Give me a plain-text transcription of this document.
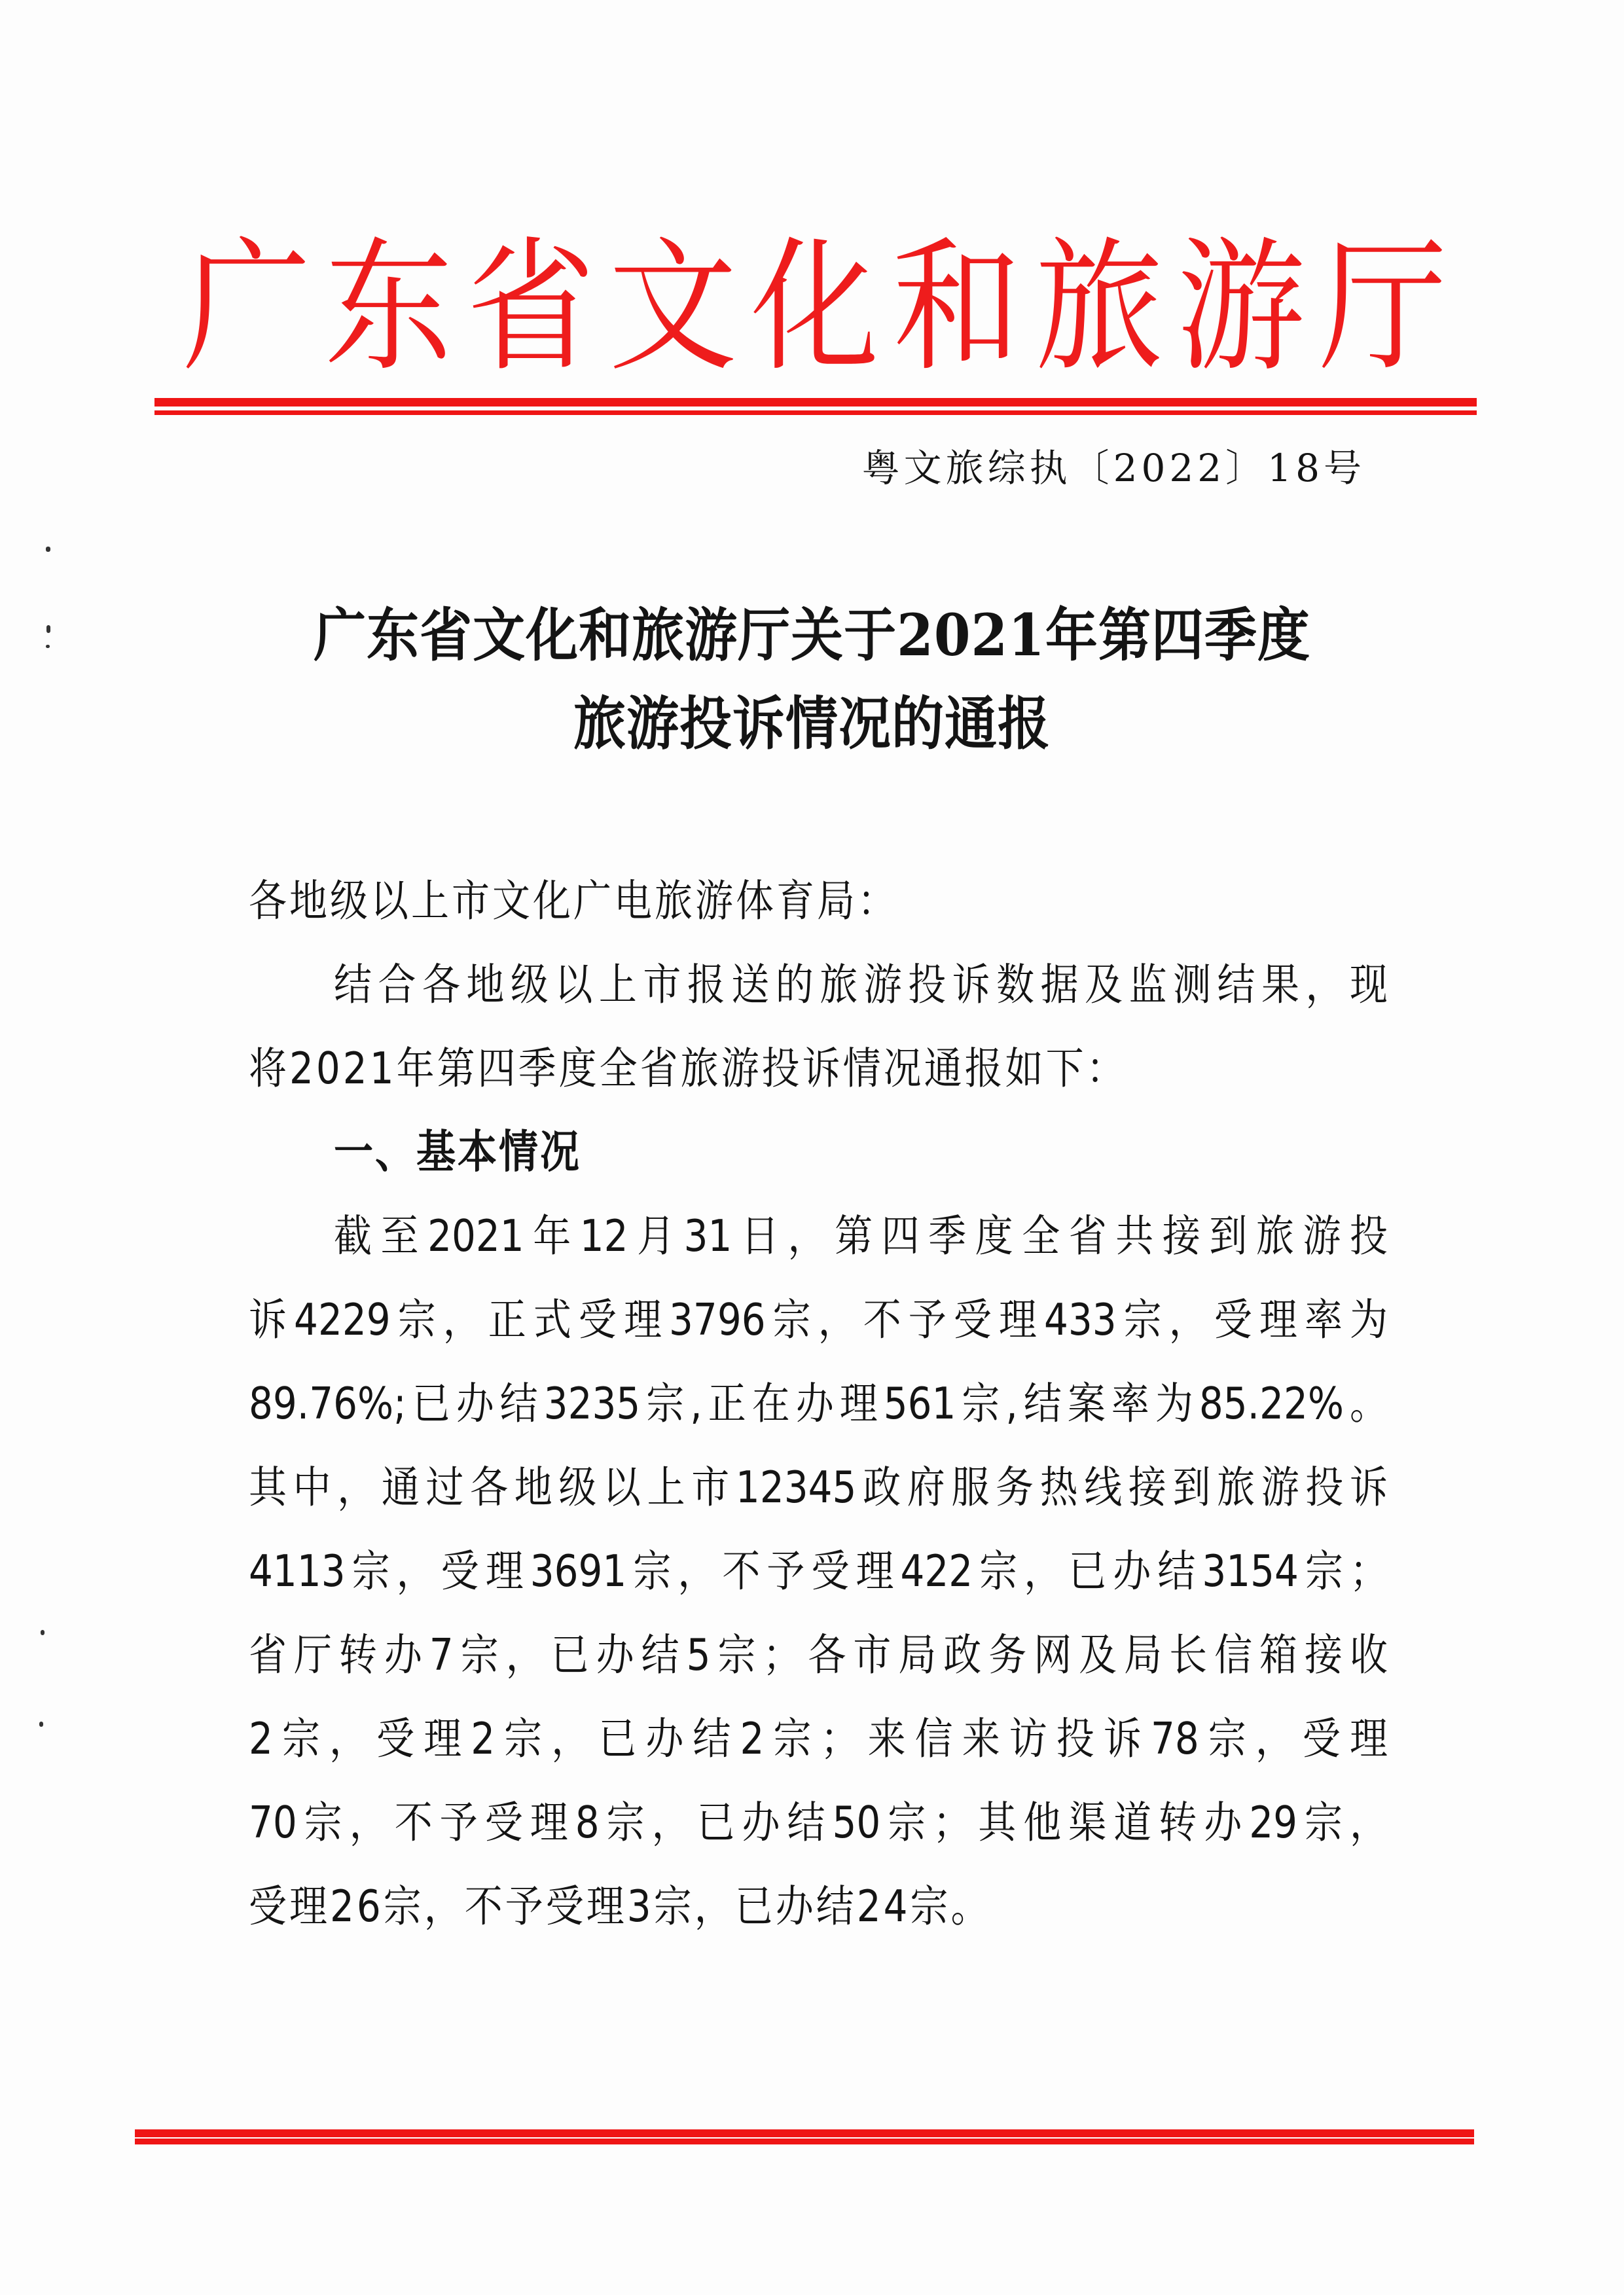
广 东 省 文 化 和 旅 游 厅
粤文旅综执〔2022〕18号
广东省文化和旅游厅关于2021年第四季度
旅游投诉情况的通报
各地级以上市文化广电旅游体育局：
结合各地级以上市报送的旅游投诉数据及监测结果，现
将2021年第四季度全省旅游投诉情况通报如下：
一、基本情况
截至2021年12月31日，第四季度全省共接到旅游投
诉4229宗，正式受理3796宗，不予受理433宗，受理率为
89.76%;已办结3235宗,正在办理561宗,结案率为85.22%。
其中，通过各地级以上市12345政府服务热线接到旅游投诉
4113宗，受理3691宗，不予受理422宗，已办结3154宗；
省厅转办7宗，已办结5宗；各市局政务网及局长信箱接收
2宗，受理2宗，已办结2宗；来信来访投诉78宗，受理
70宗，不予受理8宗，已办结50宗；其他渠道转办29宗，
受理26宗，不予受理3宗，已办结24宗。
